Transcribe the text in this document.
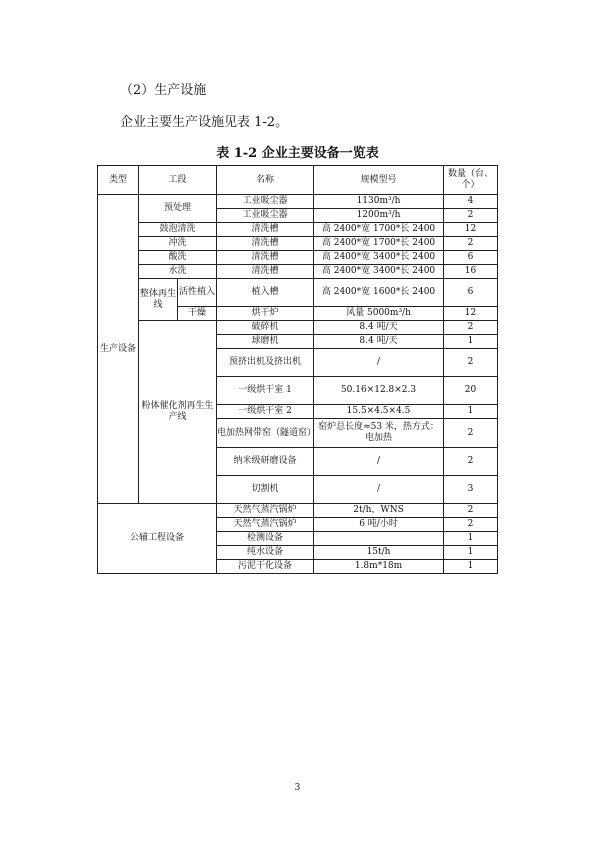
（2）生产设施
企业主要生产设施见表 1-2。
表 1-2 企业主要设备一览表
类型	工段		名称	规模型号	数量（台、个）
生产设备	预处理		工业吸尘器	1130m³/h	4
			工业吸尘器	1200m³/h	2
	鼓泡清洗		清洗槽	高 2400*宽 1700*长 2400	12
	冲洗		清洗槽	高 2400*宽 1700*长 2400	2
	酸洗		清洗槽	高 2400*宽 3400*长 2400	6
	水洗		清洗槽	高 2400*宽 3400*长 2400	16
	整体再生线	活性植入	植入槽	高 2400*宽 1600*长 2400	6
		干燥	烘干炉	风量 5000m³/h	12
	粉体催化剂再生生产线		破碎机	8.4 吨/天	2
			球磨机	8.4 吨/天	1
			预挤出机及挤出机	/	2
			一级烘干室 1	50.16×12.8×2.3	20
			一级烘干室 2	15.5×4.5×4.5	1
			电加热网带窑（隧道窑）	窑炉总长度≈53 米，热方式：电加热	2
			纳米级研磨设备	/	2
			切割机	/	3
公辅工程设备			天然气蒸汽锅炉	2t/h，WNS	2
			天然气蒸汽锅炉	6 吨/小时	2
			检测设备		1
			纯水设备	15t/h	1
			污泥干化设备	1.8m*18m	1
3
